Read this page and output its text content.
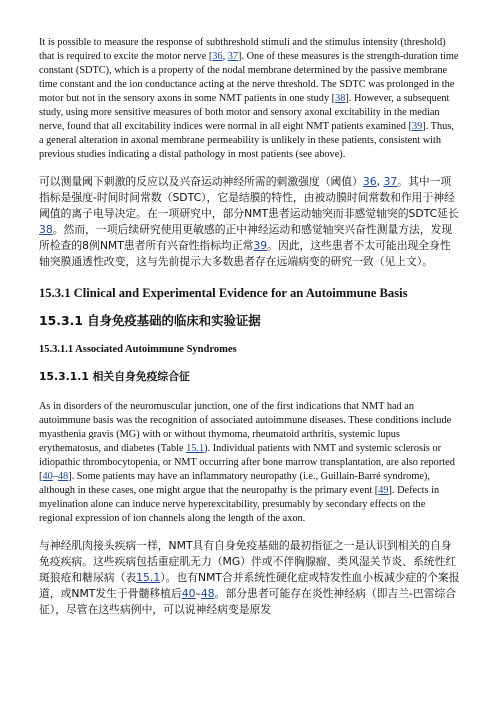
It is possible to measure the response of subthreshold stimuli and the stimulus intensity (threshold) that is required to excite the motor nerve [36, 37]. One of these measures is the strength-duration time constant (SDTC), which is a property of the nodal membrane determined by the passive membrane time constant and the ion conductance acting at the nerve threshold. The SDTC was prolonged in the motor but not in the sensory axons in some NMT patients in one study [38]. However, a subsequent study, using more sensitive measures of both motor and sensory axonal excitability in the median nerve, found that all excitability indices were normal in all eight NMT patients examined [39]. Thus, a general alteration in axonal membrane permeability is unlikely in these patients, consistent with previous studies indicating a distal pathology in most patients (see above).

可以测量阈下刺激的反应以及兴奋运动神经所需的刺激强度（阈值）36, 37。其中一项指标是强度-时间时间常数（SDTC），它是结膜的特性，由被动膜时间常数和作用于神经阈值的离子电导决定。在一项研究中，部分NMT患者运动轴突而非感觉轴突的SDTC延长38。然而，一项后续研究使用更敏感的正中神经运动和感觉轴突兴奋性测量方法，发现所检查的8例NMT患者所有兴奋性指标均正常39。因此，这些患者不太可能出现全身性轴突膜通透性改变，这与先前提示大多数患者存在远端病变的研究一致（见上文）。

15.3.1 Clinical and Experimental Evidence for an Autoimmune Basis
15.3.1 自身免疫基础的临床和实验证据
15.3.1.1 Associated Autoimmune Syndromes
15.3.1.1 相关自身免疫综合征

As in disorders of the neuromuscular junction, one of the first indications that NMT had an autoimmune basis was the recognition of associated autoimmune diseases. These conditions include myasthenia gravis (MG) with or without thymoma, rheumatoid arthritis, systemic lupus erythematosus, and diabetes (Table 15.1). Individual patients with NMT and systemic sclerosis or idiopathic thrombocytopenia, or NMT occurring after bone marrow transplantation, are also reported [40–48]. Some patients may have an inflammatory neuropathy (i.e., Guillain-Barré syndrome), although in these cases, one might argue that the neuropathy is the primary event [49]. Defects in myelination alone can induce nerve hyperexcitability, presumably by secondary effects on the regional expression of ion channels along the length of the axon.

与神经肌肉接头疾病一样，NMT具有自身免疫基础的最初指征之一是认识到相关的自身免疫疾病。这些疾病包括重症肌无力（MG）伴或不伴胸腺瘤、类风湿关节炎、系统性红斑狼疮和糖尿病（表15.1）。也有NMT合并系统性硬化症或特发性血小板减少症的个案报道，或NMT发生于骨髓移植后40–48。部分患者可能存在炎性神经病（即吉兰-巴雷综合征），尽管在这些病例中，可以说神经病变是原发
